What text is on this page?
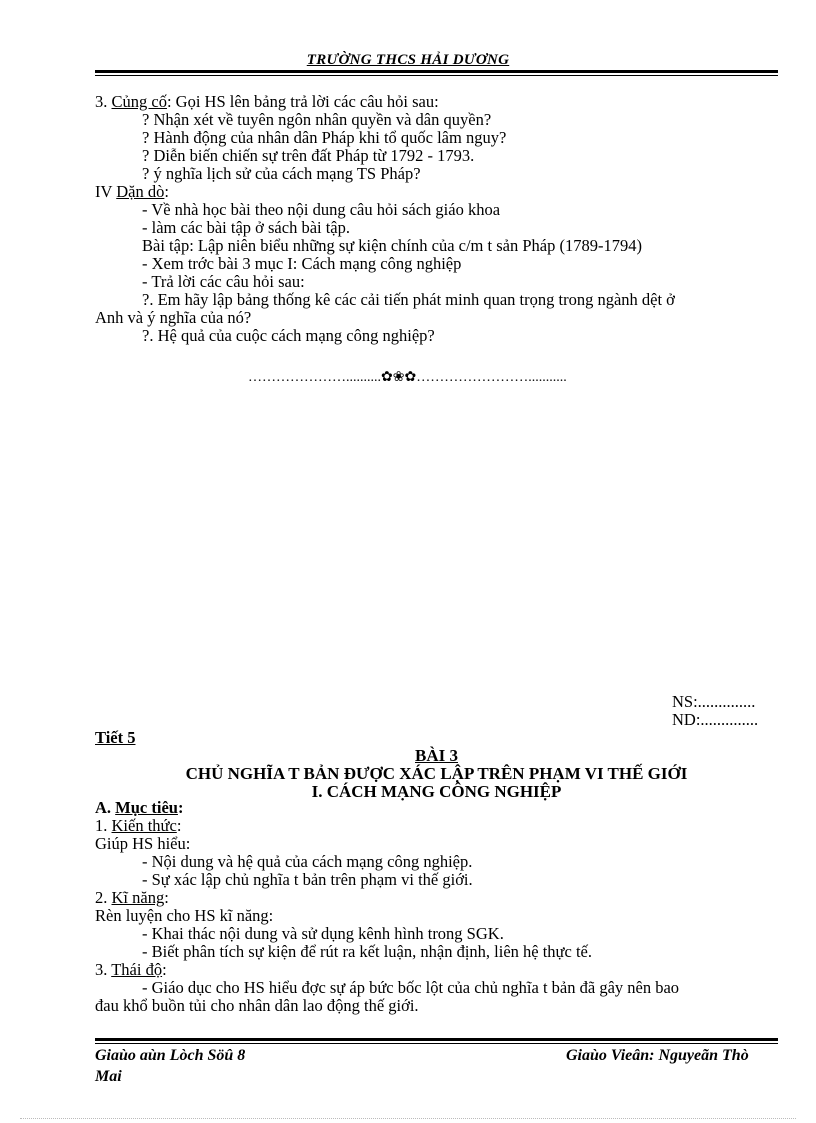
TRƯỜNG THCS HẢI DƯƠNG
3. Củng cố: Gọi HS lên bảng trả lời các câu hỏi sau:
? Nhận xét về tuyên ngôn nhân quyền và dân quyền?
? Hành động của nhân dân Pháp khi tổ quốc lâm nguy?
? Diễn biến chiến sự trên đất Pháp từ 1792 - 1793.
? ý nghĩa lịch sử của cách mạng TS Pháp?
IV Dặn dò:
- Về nhà học bài theo nội dung câu hỏi sách giáo khoa
- làm các bài tập ở sách bài tập.
Bài tập: Lập niên biểu những sự kiện chính của c/m t sản Pháp (1789-1794)
- Xem trớc bài 3 mục I: Cách mạng công nghiệp
- Trả lời các câu hỏi sau:
?. Em hãy lập bảng thống kê các cải tiến phát minh quan trọng trong ngành dệt ở
Anh và ý nghĩa của nó?
?. Hệ quả của cuộc cách mạng công nghiệp?
…………………..........✿❀✿……………………...........
NS:..............
ND:..............
Tiết 5
BÀI 3
CHỦ NGHĨA T BẢN ĐƯỢC XÁC LẬP TRÊN PHẠM VI THẾ GIỚI
I. CÁCH MẠNG CÔNG NGHIỆP
A. Mục tiêu:
1. Kiến thức:
Giúp HS hiểu:
- Nội dung và hệ quả của cách mạng công nghiệp.
- Sự xác lập chủ nghĩa t bản trên phạm vi thế giới.
2. Kĩ năng:
Rèn luyện cho HS kĩ năng:
- Khai thác nội dung và sử dụng kênh hình trong SGK.
- Biết phân tích sự kiện để rút ra kết luận, nhận định, liên hệ thực tế.
3. Thái độ:
- Giáo dục cho HS hiểu đợc sự áp bức bốc lột của chủ nghĩa t bản đã gây nên bao
đau khổ buồn tủi cho nhân dân lao động thế giới.
Giaùo aùn Lòch Söû 8	Giaùo Vieân: Nguyeãn Thò
Mai
